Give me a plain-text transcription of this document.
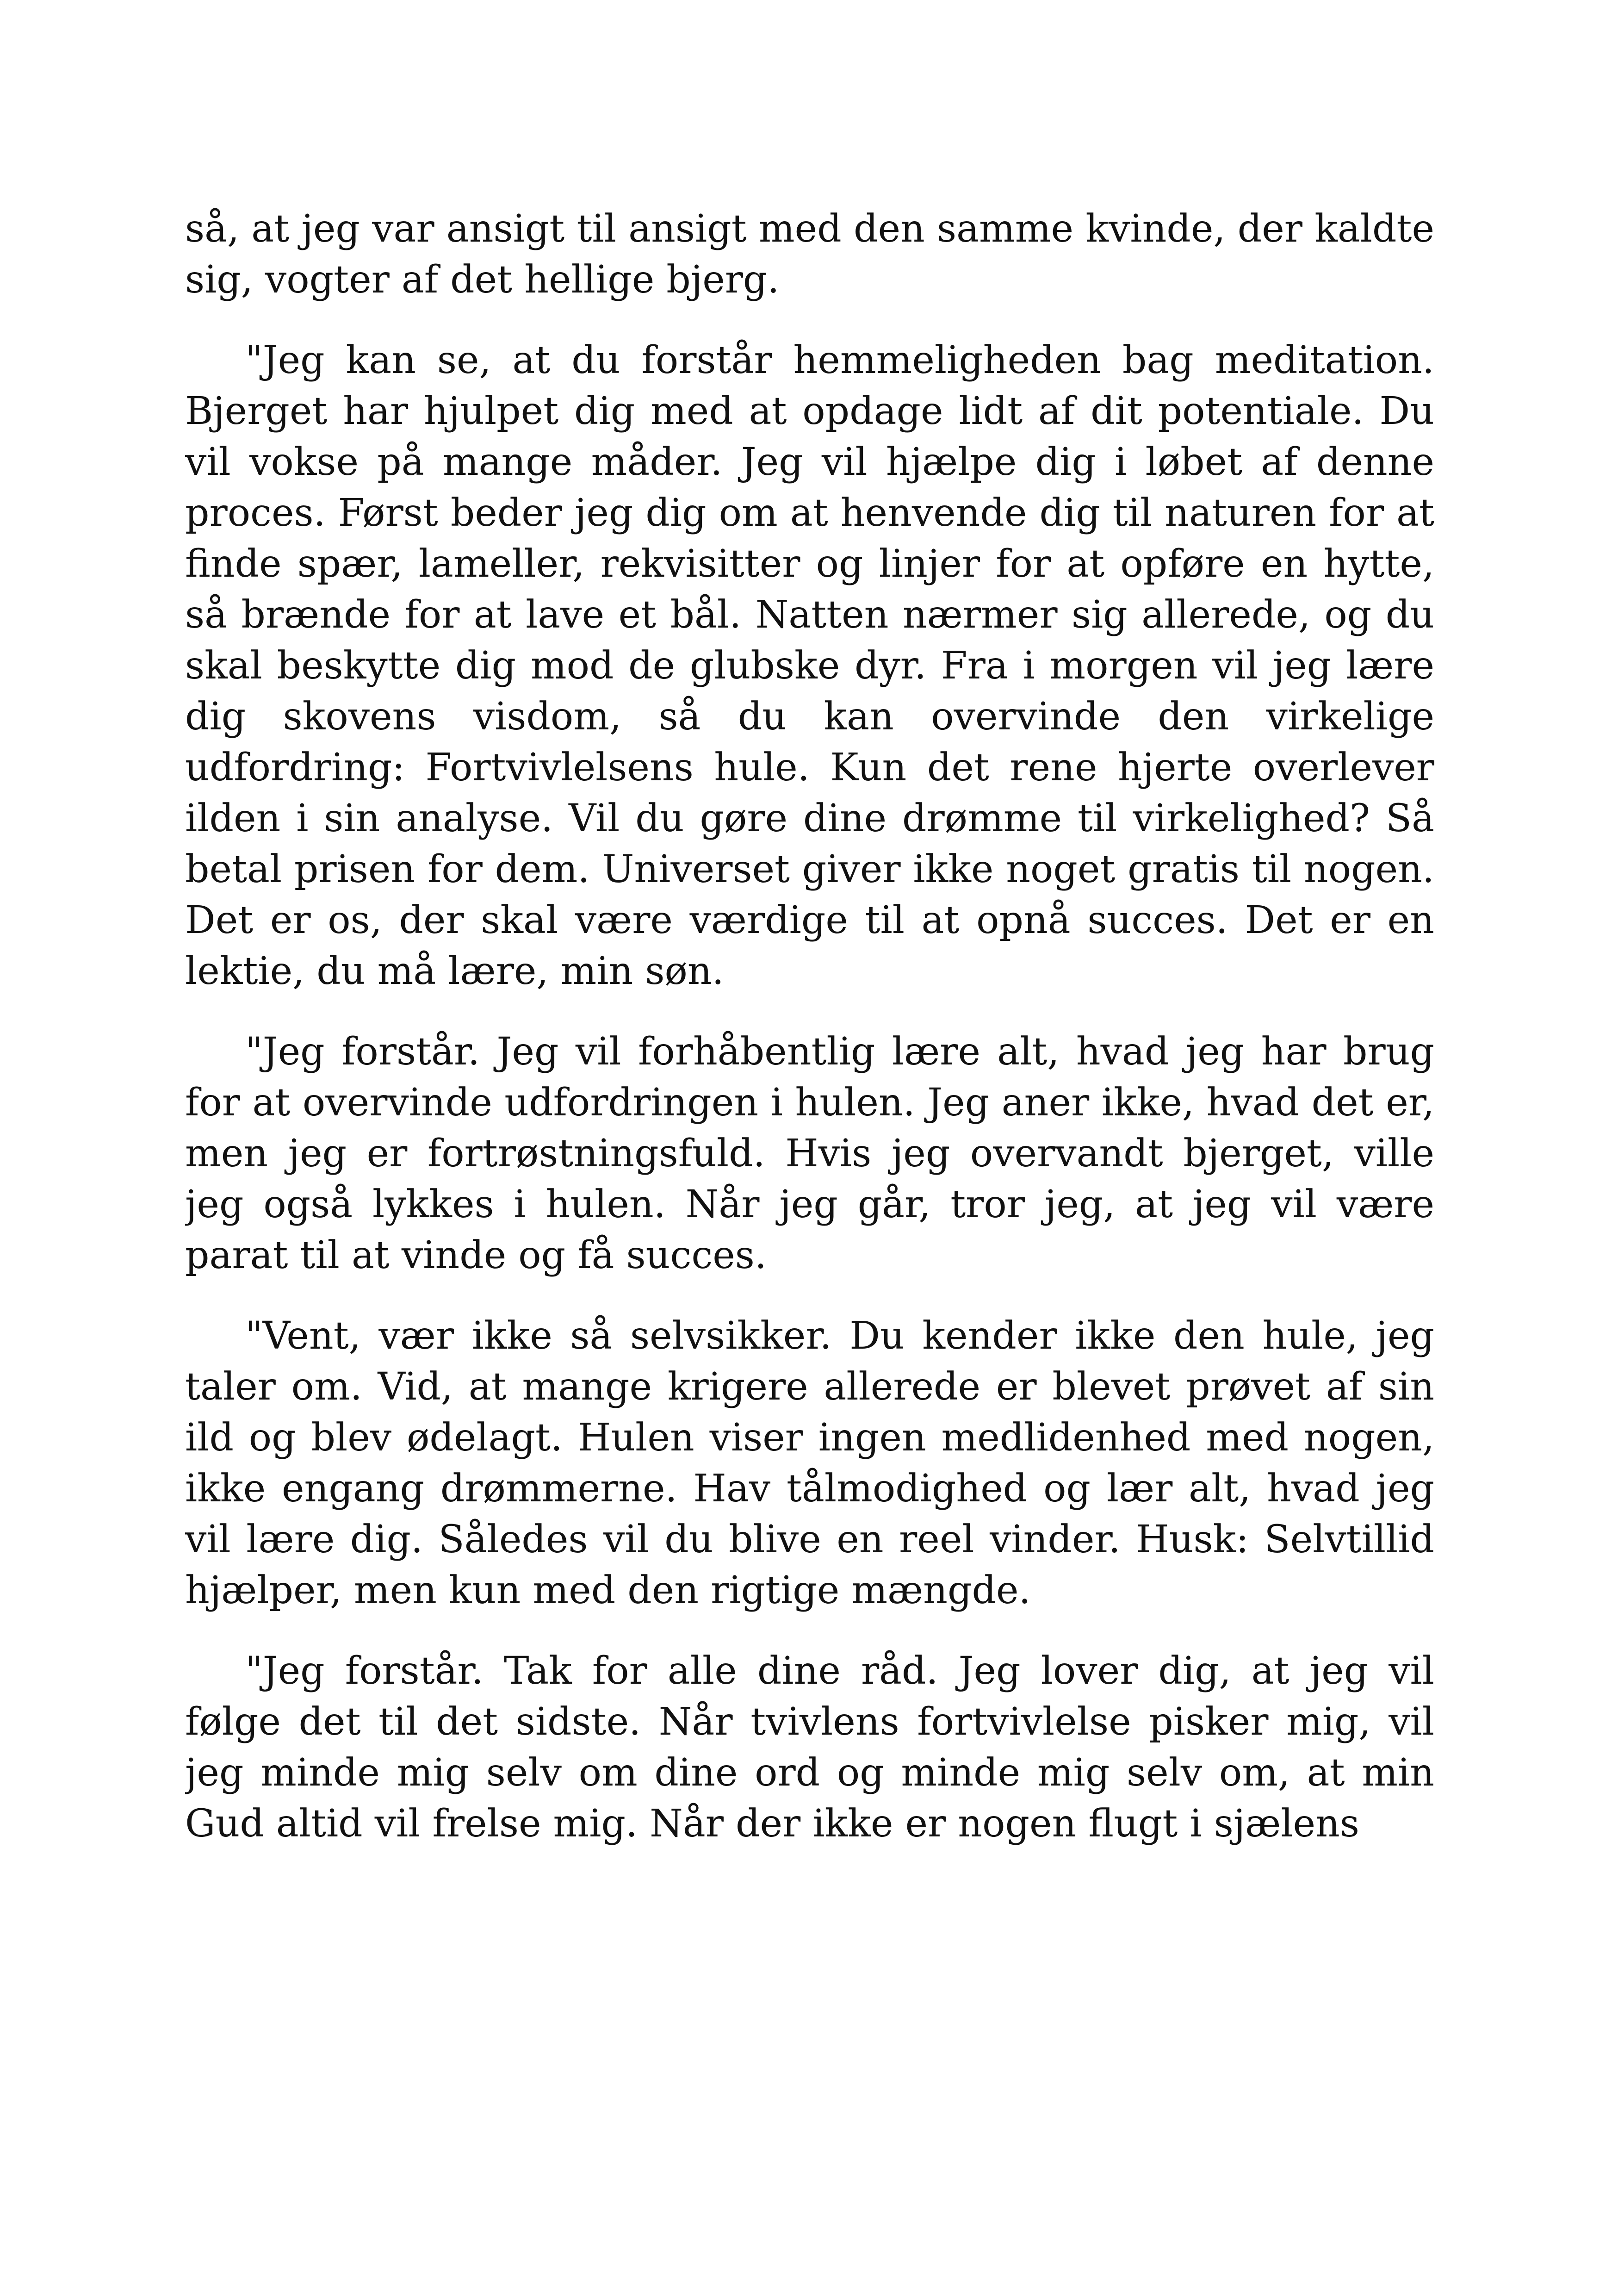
så, at jeg var ansigt til ansigt med den samme kvinde, der kaldte sig, vogter af det hellige bjerg.

"Jeg kan se, at du forstår hemmeligheden bag meditation. Bjerget har hjulpet dig med at opdage lidt af dit potentiale. Du vil vokse på mange måder. Jeg vil hjælpe dig i løbet af denne proces. Først beder jeg dig om at henvende dig til naturen for at finde spær, lameller, rekvisitter og linjer for at opføre en hytte, så brænde for at lave et bål. Natten nærmer sig allerede, og du skal beskytte dig mod de glubske dyr. Fra i morgen vil jeg lære dig skovens visdom, så du kan overvinde den virkelige udfordring: Fortvivlelsens hule. Kun det rene hjerte overlever ilden i sin analyse. Vil du gøre dine drømme til virkelighed? Så betal prisen for dem. Universet giver ikke noget gratis til nogen. Det er os, der skal være værdige til at opnå succes. Det er en lektie, du må lære, min søn.

"Jeg forstår. Jeg vil forhåbentlig lære alt, hvad jeg har brug for at overvinde udfordringen i hulen. Jeg aner ikke, hvad det er, men jeg er fortrøstningsfuld. Hvis jeg overvandt bjerget, ville jeg også lykkes i hulen. Når jeg går, tror jeg, at jeg vil være parat til at vinde og få succes.

"Vent, vær ikke så selvsikker. Du kender ikke den hule, jeg taler om. Vid, at mange krigere allerede er blevet prøvet af sin ild og blev ødelagt. Hulen viser ingen medlidenhed med nogen, ikke engang drømmerne. Hav tålmodighed og lær alt, hvad jeg vil lære dig. Således vil du blive en reel vinder. Husk: Selvtillid hjælper, men kun med den rigtige mængde.

"Jeg forstår. Tak for alle dine råd. Jeg lover dig, at jeg vil følge det til det sidste. Når tvivlens fortvivlelse pisker mig, vil jeg minde mig selv om dine ord og minde mig selv om, at min Gud altid vil frelse mig. Når der ikke er nogen flugt i sjælens
